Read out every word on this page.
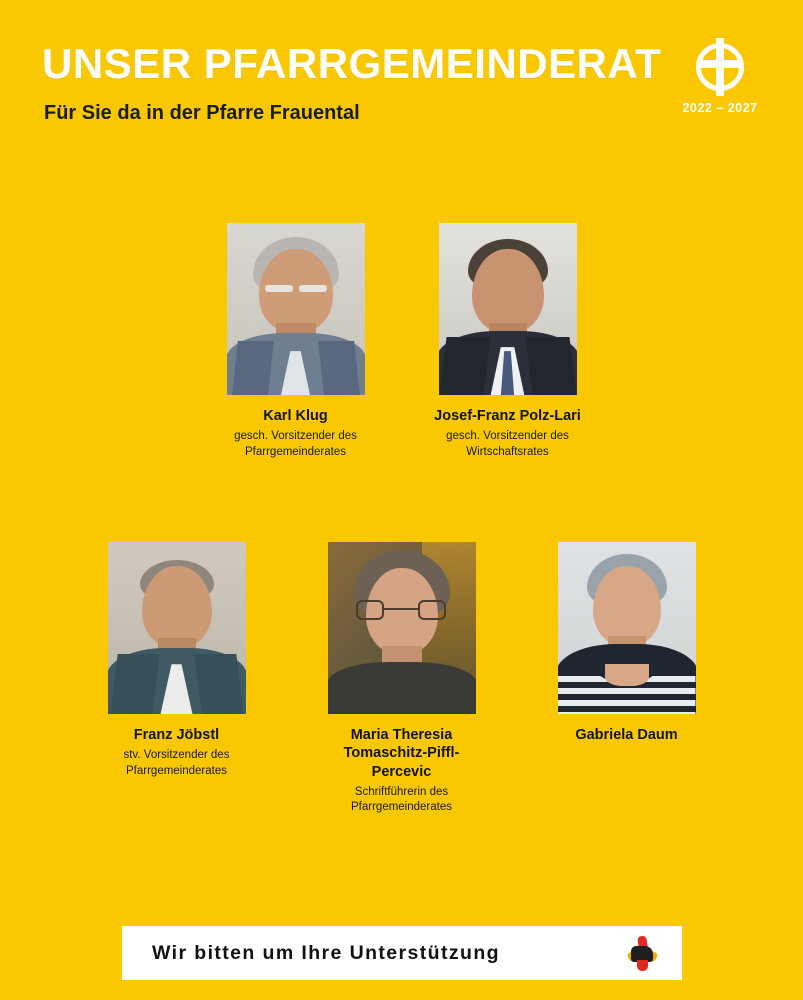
UNSER PFARRGEMEINDERAT
Für Sie da in der Pfarre Frauental	2022 – 2027
Karl Klug
gesch. Vorsitzender des
Pfarrgemeinderates
Josef-Franz Polz-Lari
gesch. Vorsitzender des
Wirtschaftsrates
Franz Jöbstl
stv. Vorsitzender des
Pfarrgemeinderates
Maria Theresia
Tomaschitz-Piffl-Percevic
Schriftführerin des
Pfarrgemeinderates
Gabriela Daum
Wir bitten um Ihre Unterstützung
